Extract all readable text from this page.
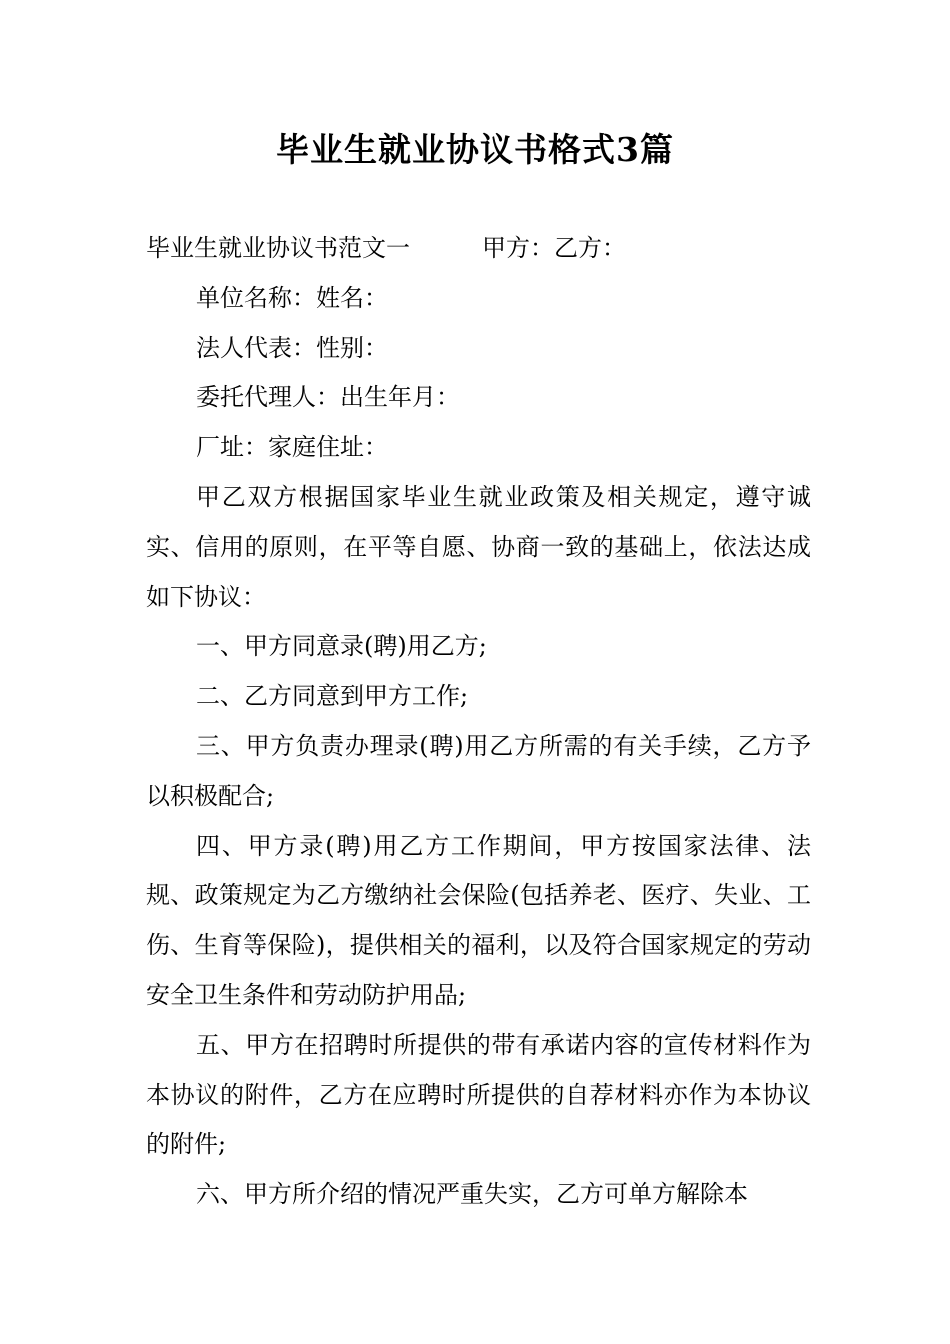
毕业生就业协议书格式3篇

毕业生就业协议书范文一　　　甲方：乙方：

单位名称：姓名：

法人代表：性别：

委托代理人：出生年月：

厂址：家庭住址：

甲乙双方根据国家毕业生就业政策及相关规定，遵守诚实、信用的原则，在平等自愿、协商一致的基础上，依法达成如下协议：

一、甲方同意录(聘)用乙方;

二、乙方同意到甲方工作;

三、甲方负责办理录(聘)用乙方所需的有关手续，乙方予以积极配合;

四、甲方录(聘)用乙方工作期间，甲方按国家法律、法规、政策规定为乙方缴纳社会保险(包括养老、医疗、失业、工伤、生育等保险)，提供相关的福利，以及符合国家规定的劳动安全卫生条件和劳动防护用品;

五、甲方在招聘时所提供的带有承诺内容的宣传材料作为本协议的附件，乙方在应聘时所提供的自荐材料亦作为本协议的附件;

六、甲方所介绍的情况严重失实，乙方可单方解除本
